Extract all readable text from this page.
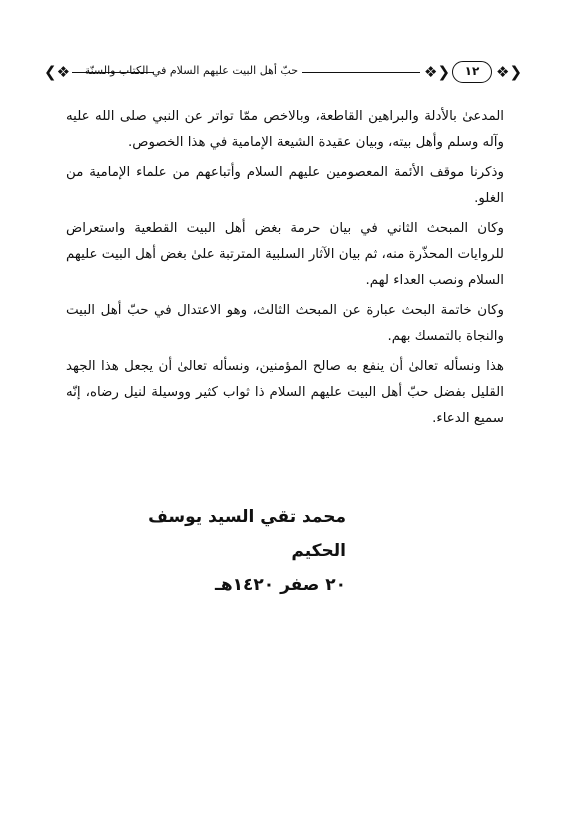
❮❖ حبّ أهل البيت عليهم السلام في الكتاب والسنّة	❖❯	١٢	❖❯

المدعىٰ بالأدلة والبراهين القاطعة، وبالاخص ممّا تواتر عن النبي صلى الله عليه وآله وسلم وأهل بيته، وبيان عقيدة الشيعة الإمامية في هذا الخصوص.

وذكرنا موقف الأئمة المعصومين عليهم السلام وأتباعهم من علماء الإمامية من الغلو.

وكان المبحث الثاني في بيان حرمة بغض أهل البيت القطعية واستعراض للروايات المحذّرة منه، ثم بيان الآثار السلبية المترتبة علىٰ بغض أهل البيت عليهم السلام ونصب العداء لهم.

وكان خاتمة البحث عبارة عن المبحث الثالث، وهو الاعتدال في حبّ أهل البيت والنجاة بالتمسك بهم.

هذا ونسأله تعالىٰ أن ينفع به صالح المؤمنين، ونسأله تعالىٰ أن يجعل هذا الجهد القليل بفضل حبّ أهل البيت عليهم السلام ذا ثواب كثير ووسيلة لنيل رضاه، إنّه سميع الدعاء.

محمد تقي السيد يوسف الحكيم
٢٠ صفر ١٤٢٠هـ
